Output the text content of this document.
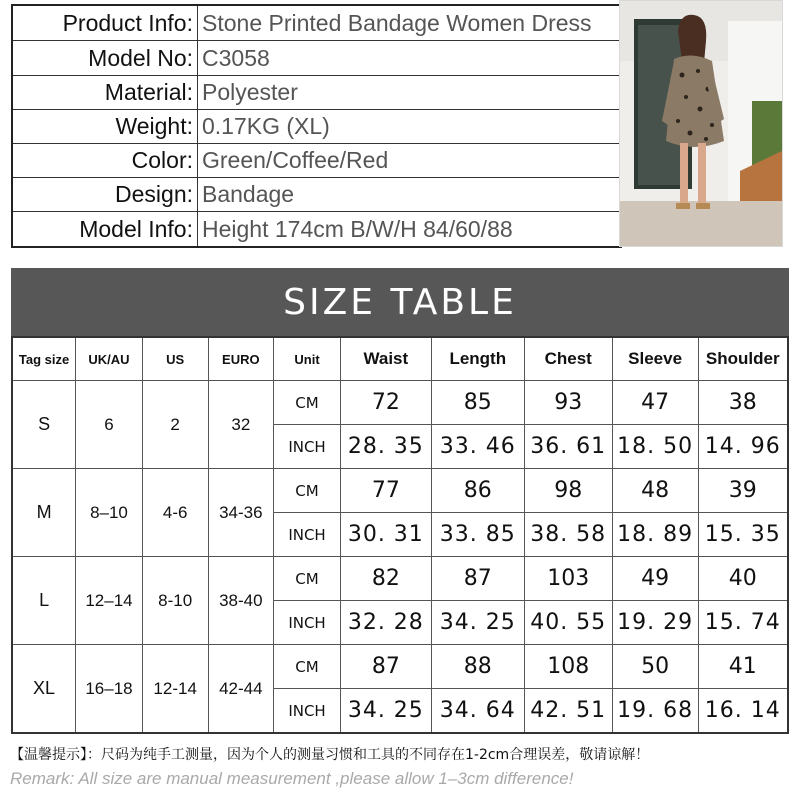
Product Info:	Stone Printed Bandage Women Dress
Model No:	C3058
Material:	Polyester
Weight:	0.17KG (XL)
Color:	Green/Coffee/Red
Design:	Bandage
Model Info:	Height 174cm B/W/H 84/60/88
SIZE TABLE
Tag size	UK/AU	US	EURO	Unit	Waist	Length	Chest	Sleeve	Shoulder
S	6	2	32	CM	72	85	93	47	38
				INCH	28. 35	33. 46	36. 61	18. 50	14. 96
M	8–10	4-6	34-36	CM	77	86	98	48	39
				INCH	30. 31	33. 85	38. 58	18. 89	15. 35
L	12–14	8-10	38-40	CM	82	87	103	49	40
				INCH	32. 28	34. 25	40. 55	19. 29	15. 74
XL	16–18	12-14	42-44	CM	87	88	108	50	41
				INCH	34. 25	34. 64	42. 51	19. 68	16. 14
【温馨提示】：尺码为纯手工测量，因为个人的测量习惯和工具的不同存在1-2cm合理误差，敬请谅解！
Remark: All size are manual measurement ,please allow 1–3cm difference!
